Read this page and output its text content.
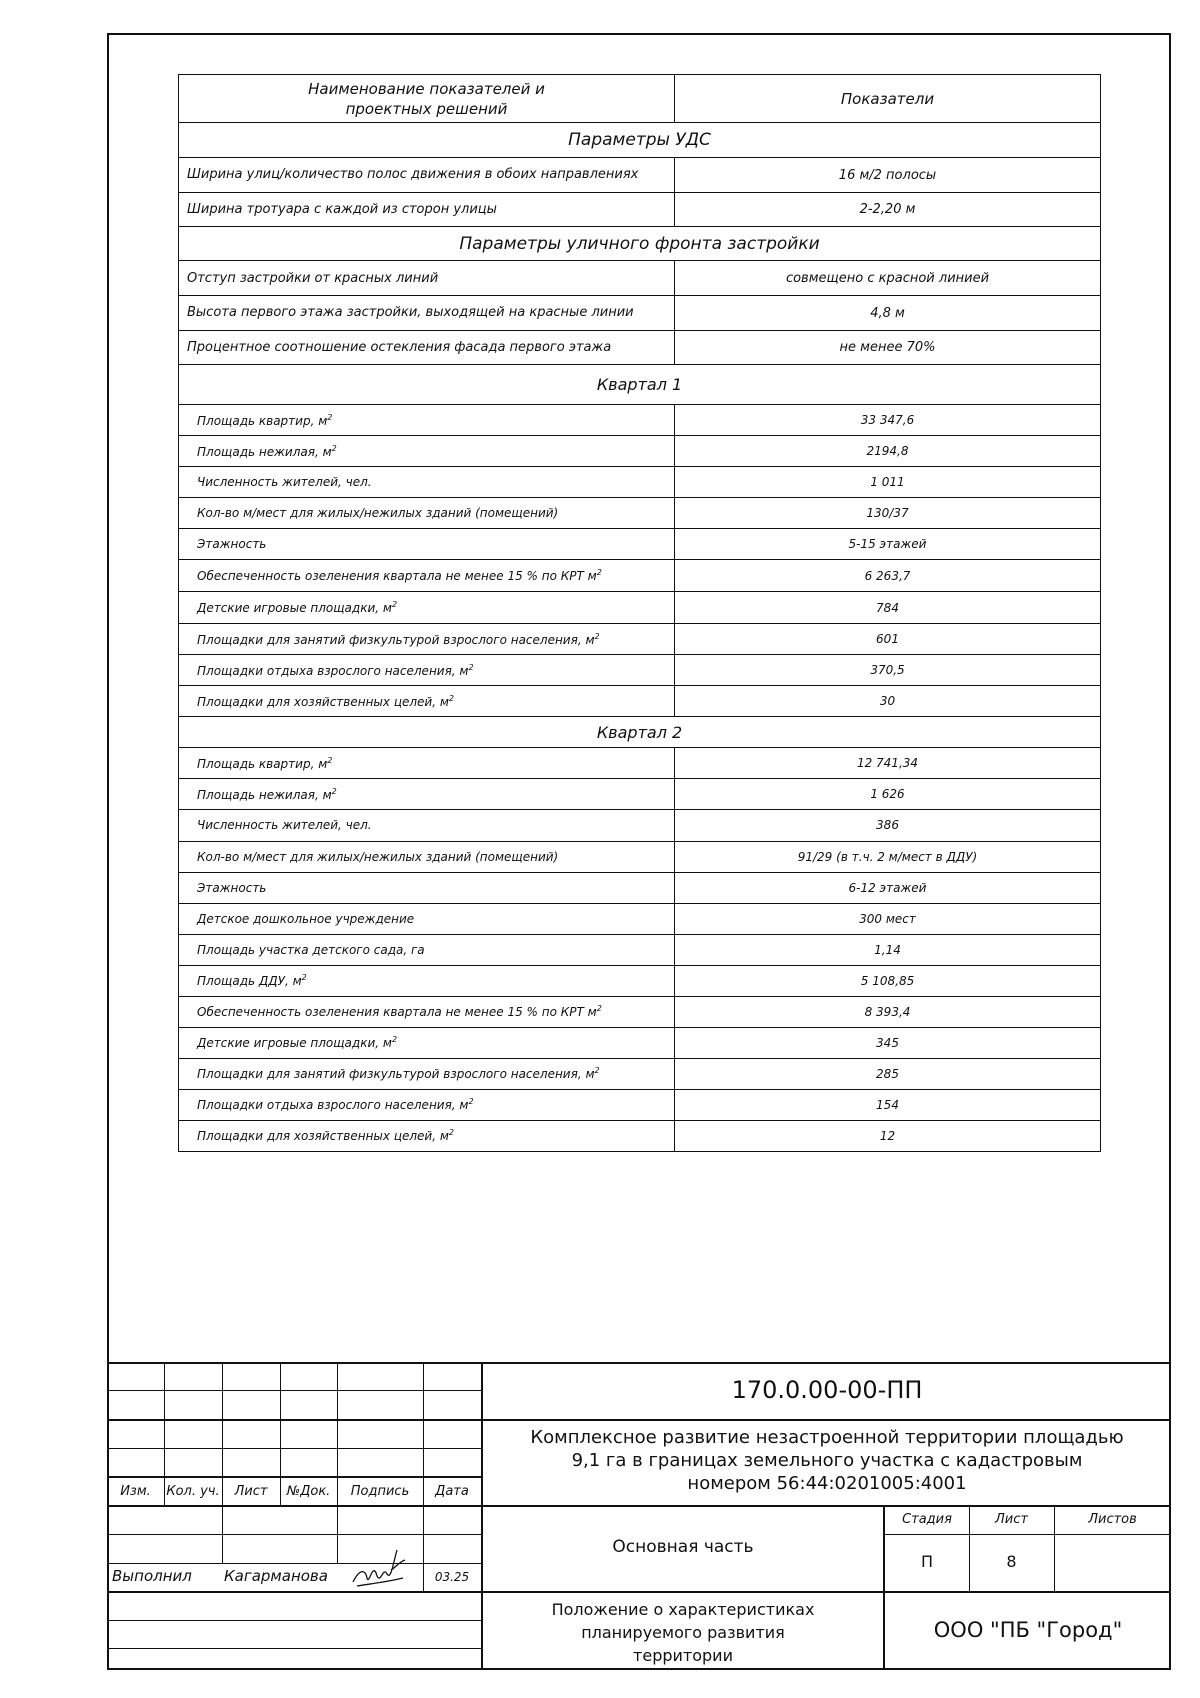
Наименование показателей и
проектных решений	Показатели
Параметры УДС	

Ширина улиц/количество полос движения в обоих направлениях	16 м/2 полосы
Ширина тротуара с каждой из сторон улицы	2-2,20 м
Параметры уличного фронта застройки	
Отступ застройки от красных линий	совмещено с красной линией

Высота первого этажа застройки, выходящей на красные линии	4,8 м
Процентное соотношение остекления фасада первого этажа	не менее 70%
Квартал 1	
Площадь квартир, $м^2$	33 347,6
Площадь нежилая, $м^2$	2194,8
Численность жителей, чел.	1 011
Кол-во м/мест для жилых/нежилых зданий (помещений)	130/37
Этажность	5-15 этажей
Обеспеченность озеленения квартала не менее 15 % по КРТ $м^2$	6 263,7
Детские игровые площадки, $м^2$	784
Площадки для занятий физкультурой взрослого населения, $м^2$	601
Площадки отдыха взрослого населения, $м^2$	370,5
Площадки для хозяйственных целей, $м^2$	30
Квартал 2	
Площадь квартир, $м^2$	12 741,34
Площадь нежилая, $м^2$	1 626
Численность жителей, чел.	386
Кол-во м/мест для жилых/нежилых зданий (помещений)	91/29 (в т.ч. 2 м/мест в ДДУ)
Этажность	6-12 этажей
Детское дошкольное учреждение	300 мест
Площадь участка детского сада, га	1,14
Площадь ДДУ, $м^2$	5 108,85
Обеспеченность озеленения квартала не менее 15 % по КРТ $м^2$	8 393,4
Детские игровые площадки, $м^2$	345
Площадки для занятий физкультурой взрослого населения, $м^2$	285
Площадки отдыха взрослого населения, $м^2$	154
Площадки для хозяйственных целей, $м^2$	12
Изм.	Кол. уч.	Лист	№Док.	Подпись	Дата
Выполнил Кагарманова	03.25
170.0.00-00-ПП
Комплексное развитие незастроенной территории площадью
9,1 га в границах земельного участка с кадастровым
номером 56:44:0201005:4001
Основная часть
Стадия	Лист	Листов
П	8
Положение о характеристиках
планируемого развития
территории
ООО "ПБ "Город"
